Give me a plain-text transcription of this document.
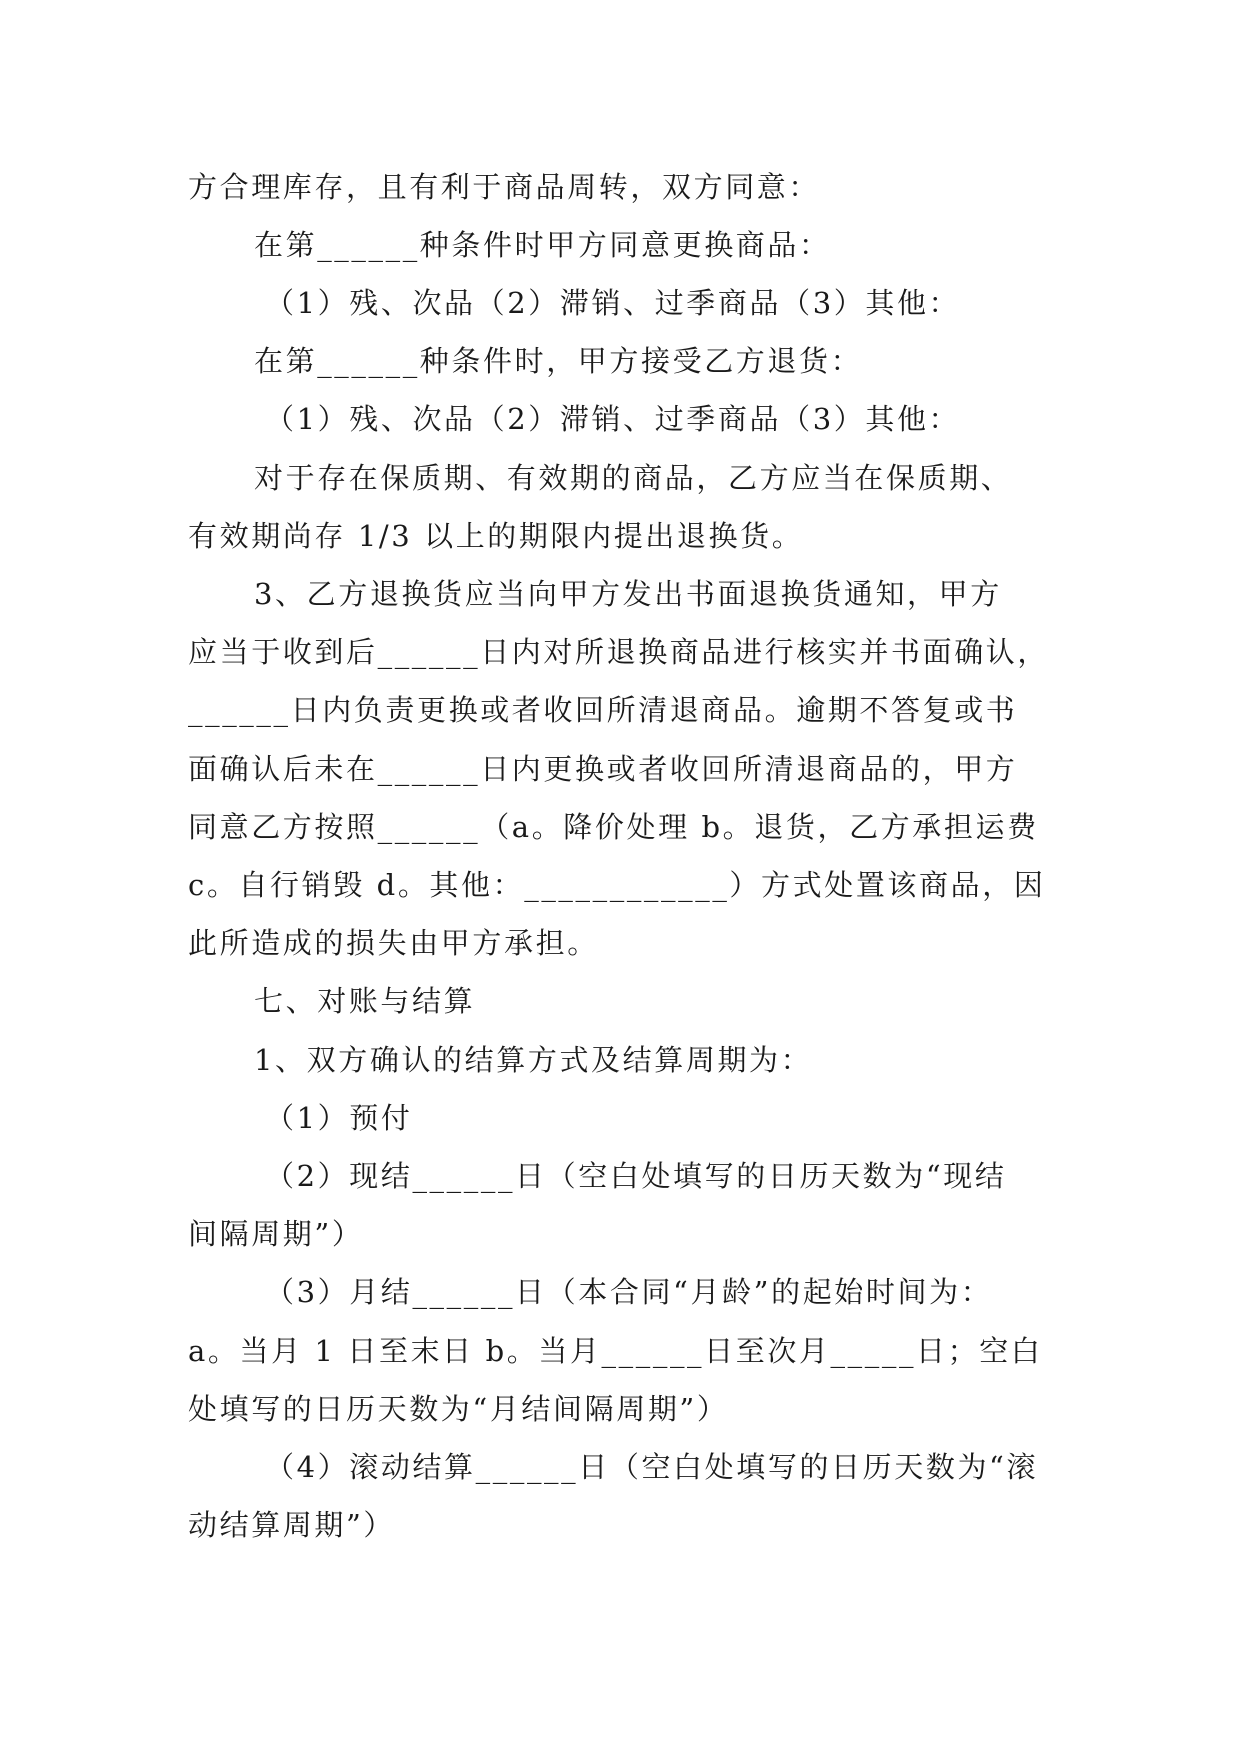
方合理库存，且有利于商品周转，双方同意：
在第______种条件时甲方同意更换商品：
（1）残、次品（2）滞销、过季商品（3）其他：
在第______种条件时，甲方接受乙方退货：
（1）残、次品（2）滞销、过季商品（3）其他：
对于存在保质期、有效期的商品，乙方应当在保质期、
有效期尚存 1/3 以上的期限内提出退换货。
3、乙方退换货应当向甲方发出书面退换货通知，甲方
应当于收到后______日内对所退换商品进行核实并书面确认，
______日内负责更换或者收回所清退商品。逾期不答复或书
面确认后未在______日内更换或者收回所清退商品的，甲方
同意乙方按照______（a。降价处理 b。退货，乙方承担运费
c。自行销毁 d。其他：____________）方式处置该商品，因
此所造成的损失由甲方承担。
七、对账与结算
1、双方确认的结算方式及结算周期为：
（1）预付
（2）现结______日（空白处填写的日历天数为“现结
间隔周期”）
（3）月结______日（本合同“月龄”的起始时间为：
a。当月 1 日至末日 b。当月______日至次月_____日；空白
处填写的日历天数为“月结间隔周期”）
（4）滚动结算______日（空白处填写的日历天数为“滚
动结算周期”）
